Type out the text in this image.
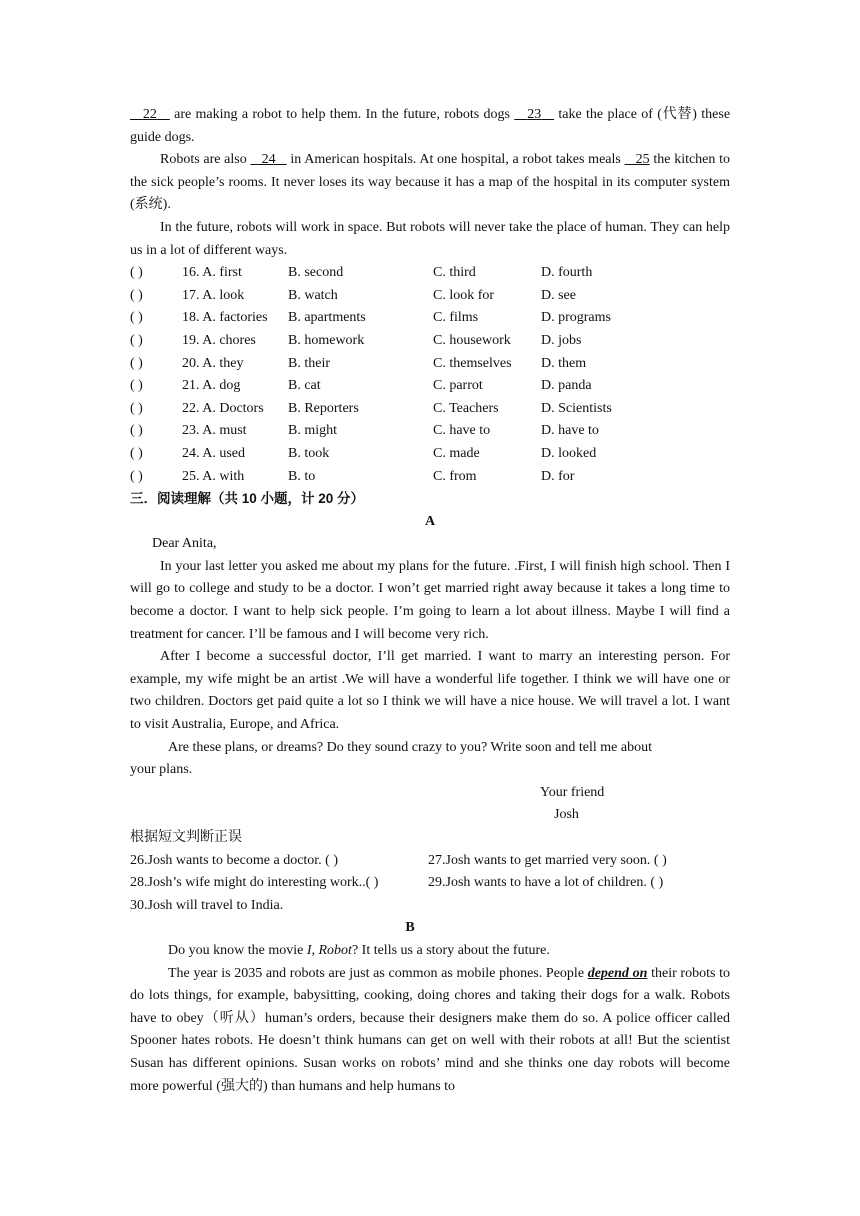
22    are making a robot to help them. In the future, robots dogs    23    take the place of (代替) these guide dogs.

Robots are also    24    in American hospitals. At one hospital, a robot takes meals    25 the kitchen to the sick people’s rooms. It never loses its way because it has a map of the hospital in its computer system (系统).

In the future, robots will work in space. But robots will never take the place of human. They can help us in a lot of different ways.

( )	16. A. first	B. second	C. third	D. fourth
( )	17. A. look	B. watch	C. look for	D. see
( )	18. A. factories	B. apartments	C. films	D. programs
( )	19. A. chores	B. homework	C. housework	D. jobs
( )	20. A. they	B. their	C. themselves	D. them
( )	21. A. dog	B. cat	C. parrot	D. panda
( )	22. A. Doctors	B. Reporters	C. Teachers	D. Scientists
( )	23. A. must	B. might	C. have to	D. have to
( )	24. A. used	B. took	C. made	D. looked
( )	25. A. with	B. to	C. from	D. for

三．阅读理解（共 10 小题，计 20 分）

A

Dear Anita,

In your last letter you asked me about my plans for the future. .First, I will finish high school. Then I will go to college and study to be a doctor. I won’t get married right away because it takes a long time to become a doctor. I want to help sick people. I’m going to learn a lot about illness. Maybe I will find a treatment for cancer. I’ll be famous and I will become very rich.

After I become a successful doctor, I’ll get married. I want to marry an interesting person. For example, my wife might be an artist .We will have a wonderful life together. I think we will have one or two children. Doctors get paid quite a lot so I think we will have a nice house. We will travel a lot. I want to visit Australia, Europe, and Africa.

Are these plans, or dreams? Do they sound crazy to you? Write soon and tell me about

your plans.

Your friend

Josh

根据短文判断正误

26.Josh wants to become a doctor. ( )	27.Josh wants to get married very soon. ( )
28.Josh’s wife might do interesting work..( )	29.Josh wants to have a lot of children. ( )

30.Josh will travel to India.

B

Do you know the movie I, Robot? It tells us a story about the future.

The year is 2035 and robots are just as common as mobile phones. People depend on their robots to do lots things, for example, babysitting, cooking, doing chores and taking their dogs for a walk. Robots have to obey（听从）human’s orders, because their designers make them do so. A police officer called Spooner hates robots. He doesn’t think humans can get on well with their robots at all! But the scientist Susan has different opinions. Susan works on robots’ mind and she thinks one day robots will become more powerful (强大的) than humans and help humans to
